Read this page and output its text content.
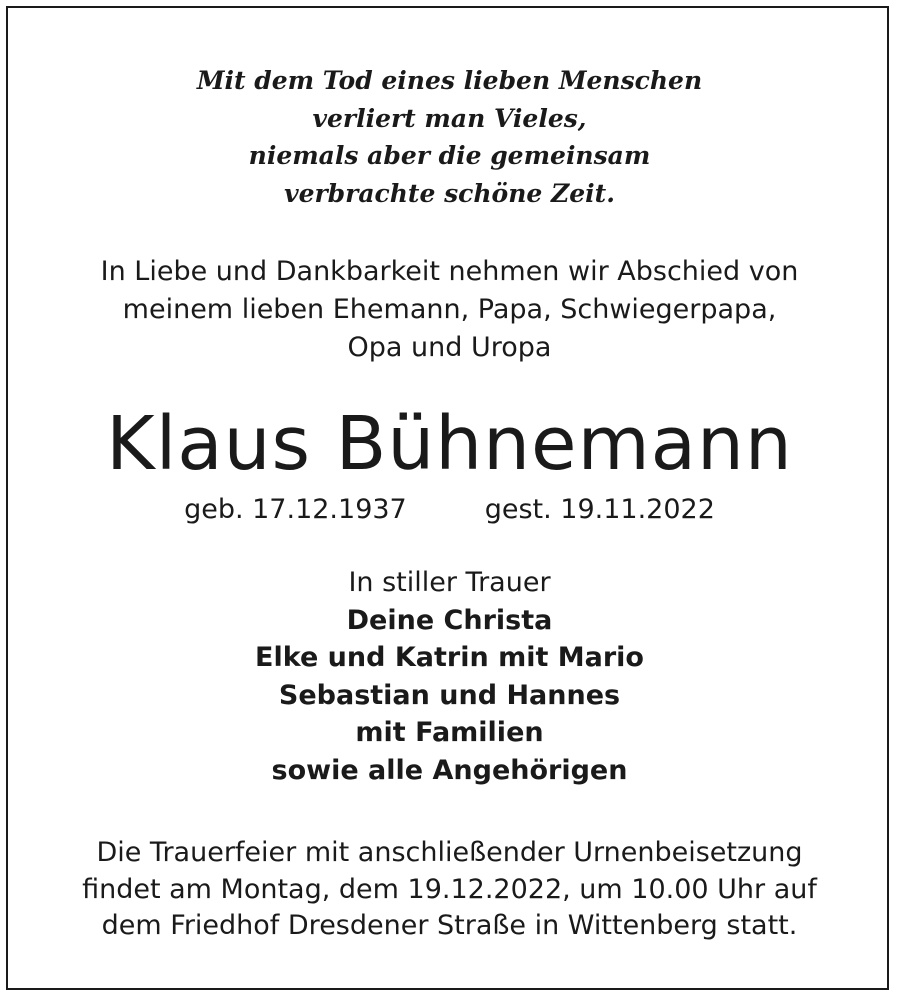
Mit dem Tod eines lieben Menschen
verliert man Vieles,
niemals aber die gemeinsam
verbrachte schöne Zeit.
In Liebe und Dankbarkeit nehmen wir Abschied von
meinem lieben Ehemann, Papa, Schwiegerpapa,
Opa und Uropa
Klaus Bühnemann
geb. 17.12.1937	gest. 19.11.2022
In stiller Trauer
Deine Christa
Elke und Katrin mit Mario
Sebastian und Hannes
mit Familien
sowie alle Angehörigen
Die Trauerfeier mit anschließender Urnenbeisetzung
findet am Montag, dem 19.12.2022, um 10.00 Uhr auf
dem Friedhof Dresdener Straße in Wittenberg statt.
